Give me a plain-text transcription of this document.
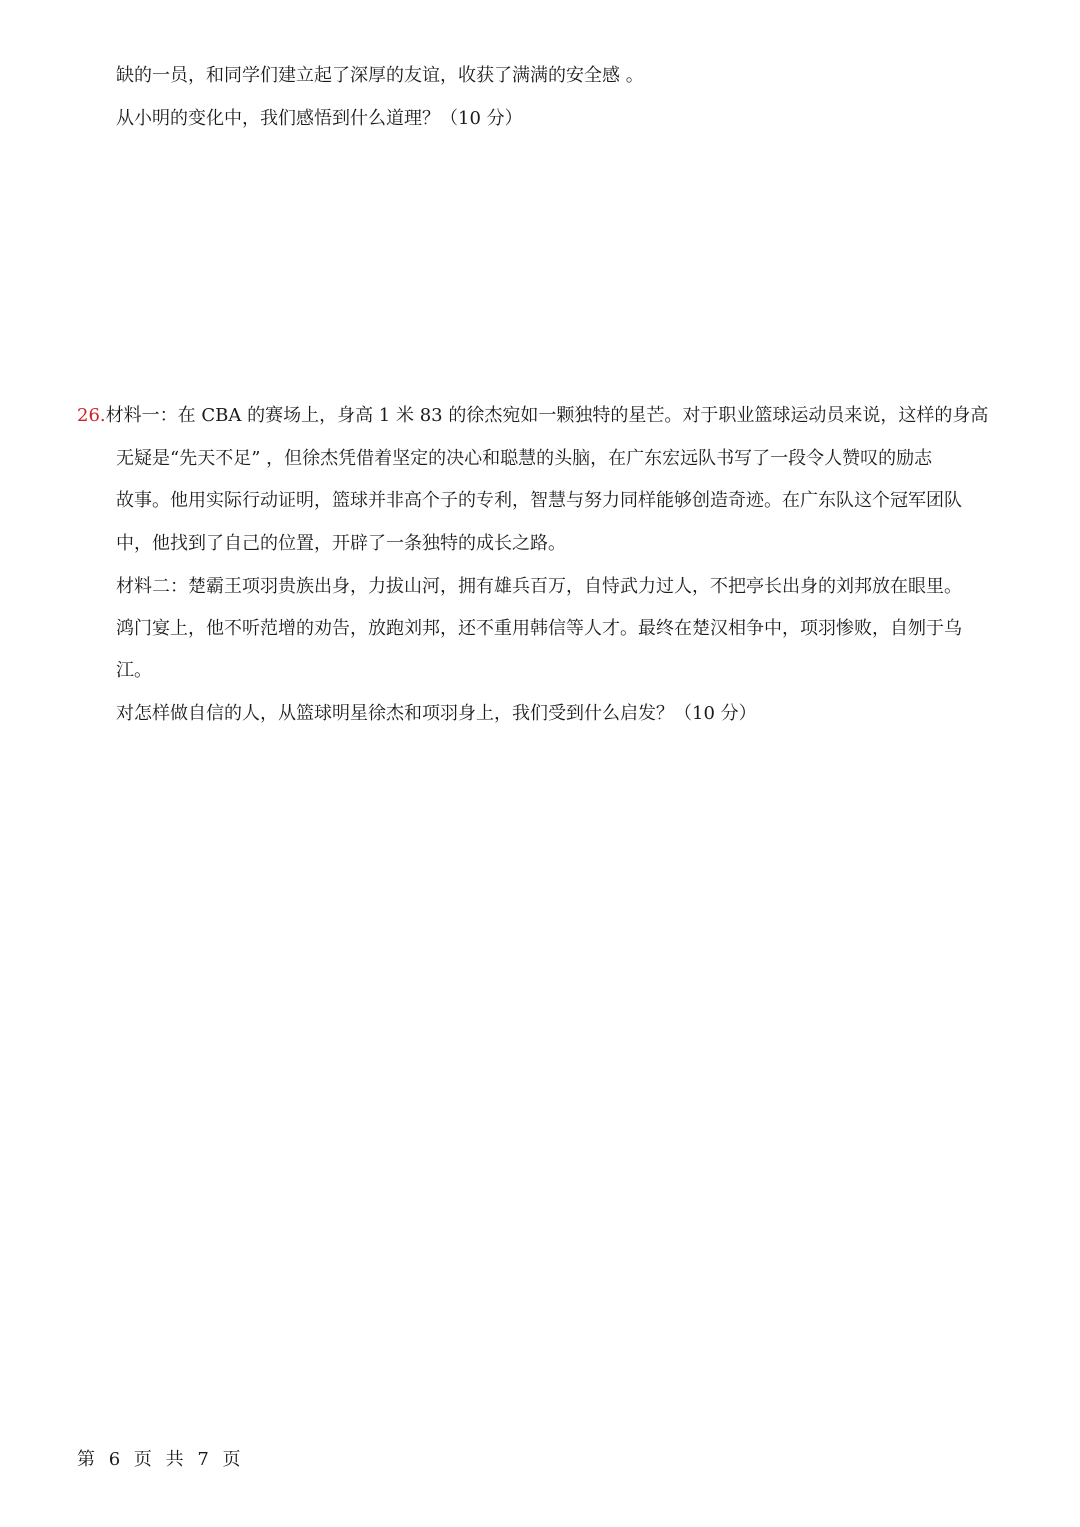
缺的一员，和同学们建立起了深厚的友谊，收获了满满的安全感 。

从小明的变化中，我们感悟到什么道理？（10 分）

26.材料一：在 CBA 的赛场上，身高 1 米 83 的徐杰宛如一颗独特的星芒。对于职业篮球运动员来说，这样的身高

无疑是“先天不足” ，但徐杰凭借着坚定的决心和聪慧的头脑，在广东宏远队书写了一段令人赞叹的励志

故事。他用实际行动证明，篮球并非高个子的专利，智慧与努力同样能够创造奇迹。在广东队这个冠军团队

中，他找到了自己的位置，开辟了一条独特的成长之路。

材料二：楚霸王项羽贵族出身，力拔山河，拥有雄兵百万，自恃武力过人，不把亭长出身的刘邦放在眼里。

鸿门宴上，他不听范增的劝告，放跑刘邦，还不重用韩信等人才。最终在楚汉相争中，项羽惨败，自刎于乌

江。

对怎样做自信的人，从篮球明星徐杰和项羽身上，我们受到什么启发？（10 分）

第 6 页 共 7 页
